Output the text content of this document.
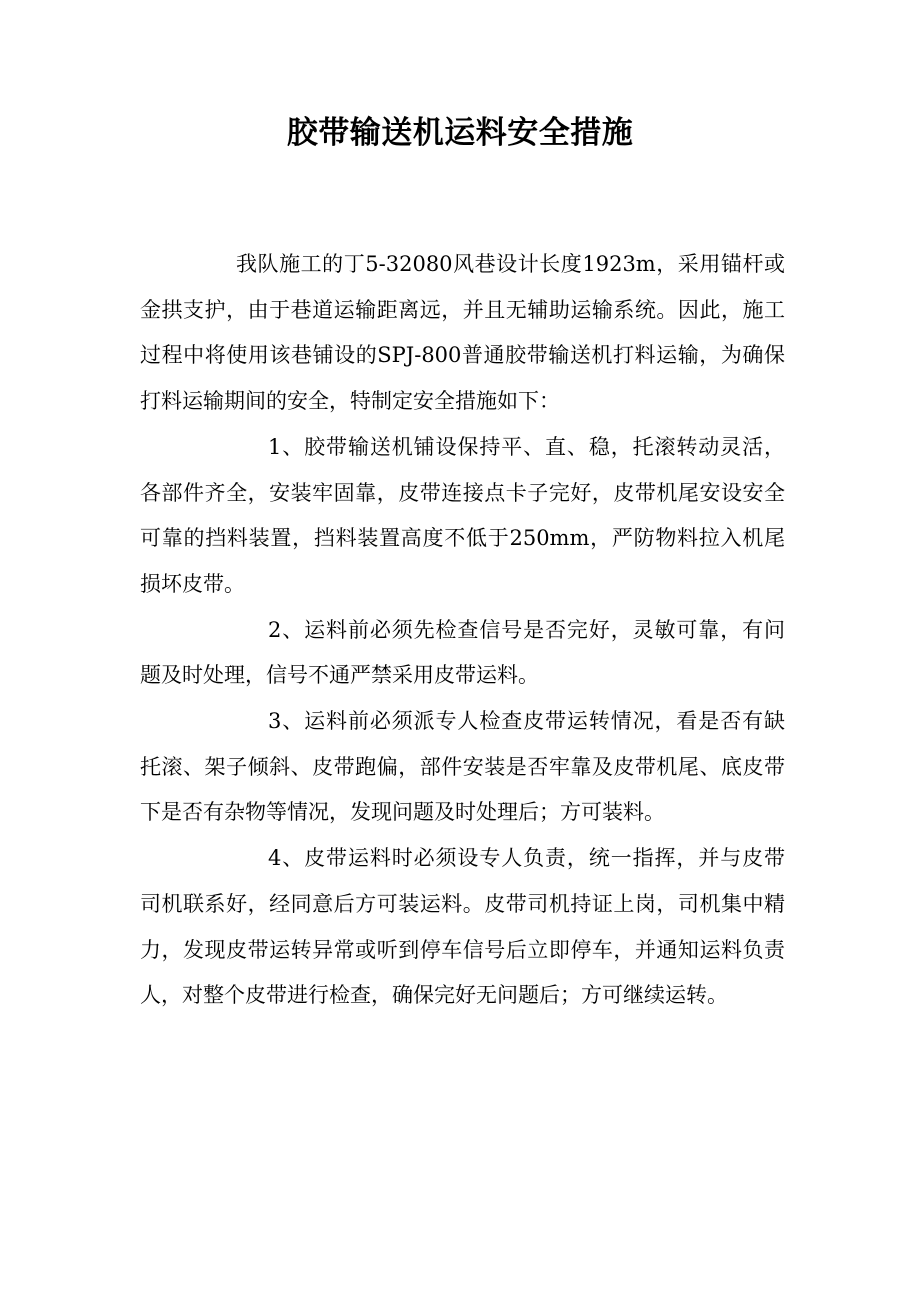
胶带输送机运料安全措施

我队施工的丁5-32080风巷设计长度1923m，采用锚杆或金拱支护，由于巷道运输距离远，并且无辅助运输系统。因此，施工过程中将使用该巷铺设的SPJ-800普通胶带输送机打料运输，为确保打料运输期间的安全，特制定安全措施如下：

1、胶带输送机铺设保持平、直、稳，托滚转动灵活，各部件齐全，安装牢固靠，皮带连接点卡子完好，皮带机尾安设安全可靠的挡料装置，挡料装置高度不低于250mm，严防物料拉入机尾损坏皮带。

2、运料前必须先检查信号是否完好，灵敏可靠，有问题及时处理，信号不通严禁采用皮带运料。

3、运料前必须派专人检查皮带运转情况，看是否有缺托滚、架子倾斜、皮带跑偏，部件安装是否牢靠及皮带机尾、底皮带下是否有杂物等情况，发现问题及时处理后；方可装料。

4、皮带运料时必须设专人负责，统一指挥，并与皮带司机联系好，经同意后方可装运料。皮带司机持证上岗，司机集中精力，发现皮带运转异常或听到停车信号后立即停车，并通知运料负责人，对整个皮带进行检查，确保完好无问题后；方可继续运转。
